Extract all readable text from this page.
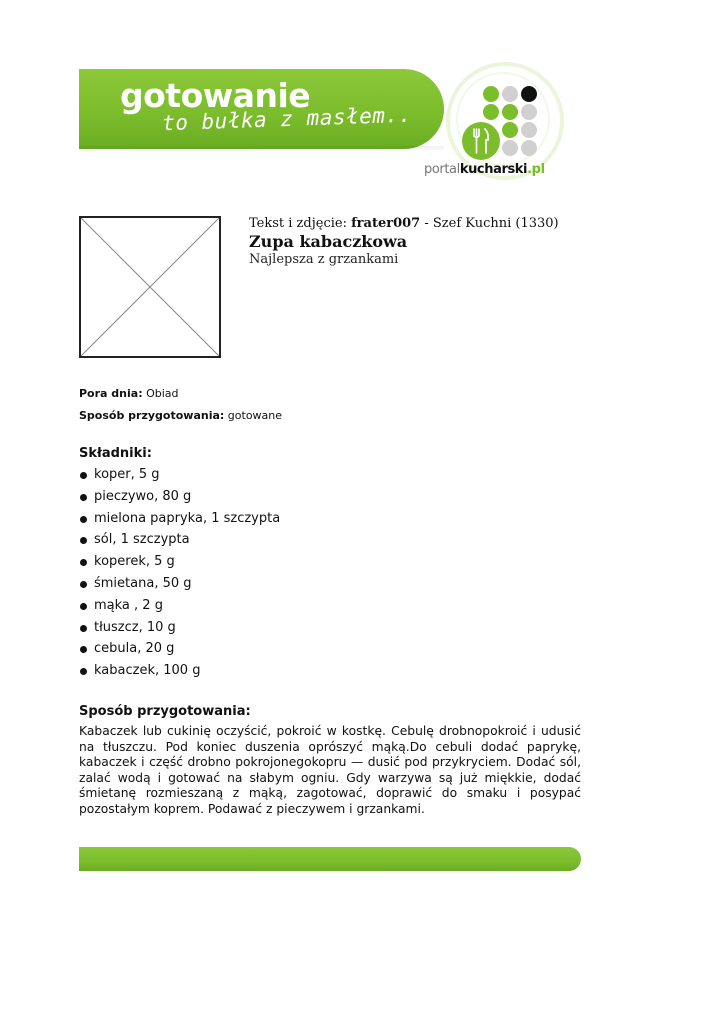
gotowanie
to bułka z masłem..
portalkucharski.pl
Tekst i zdjęcie: frater007 - Szef Kuchni (1330)
Zupa kabaczkowa
Najlepsza z grzankami
Pora dnia: Obiad
Sposób przygotowania: gotowane
Składniki:
koper, 5 g
pieczywo, 80 g
mielona papryka, 1 szczypta
sól, 1 szczypta
koperek, 5 g
śmietana, 50 g
mąka , 2 g
tłuszcz, 10 g
cebula, 20 g
kabaczek, 100 g
Sposób przygotowania:

Kabaczek lub cukinię oczyścić, pokroić w kostkę. Cebulę drobnopokroić i udusić na tłuszczu. Pod koniec duszenia oprószyć mąką.Do cebuli dodać paprykę, kabaczek i część drobno pokrojonegokopru — dusić pod przykryciem. Dodać sól, zalać wodą i gotować na słabym ogniu. Gdy warzywa są już miękkie, dodać śmietanę rozmieszaną z mąką, zagotować, doprawić do smaku i posypać pozostałym koprem. Podawać z pieczywem i grzankami.
